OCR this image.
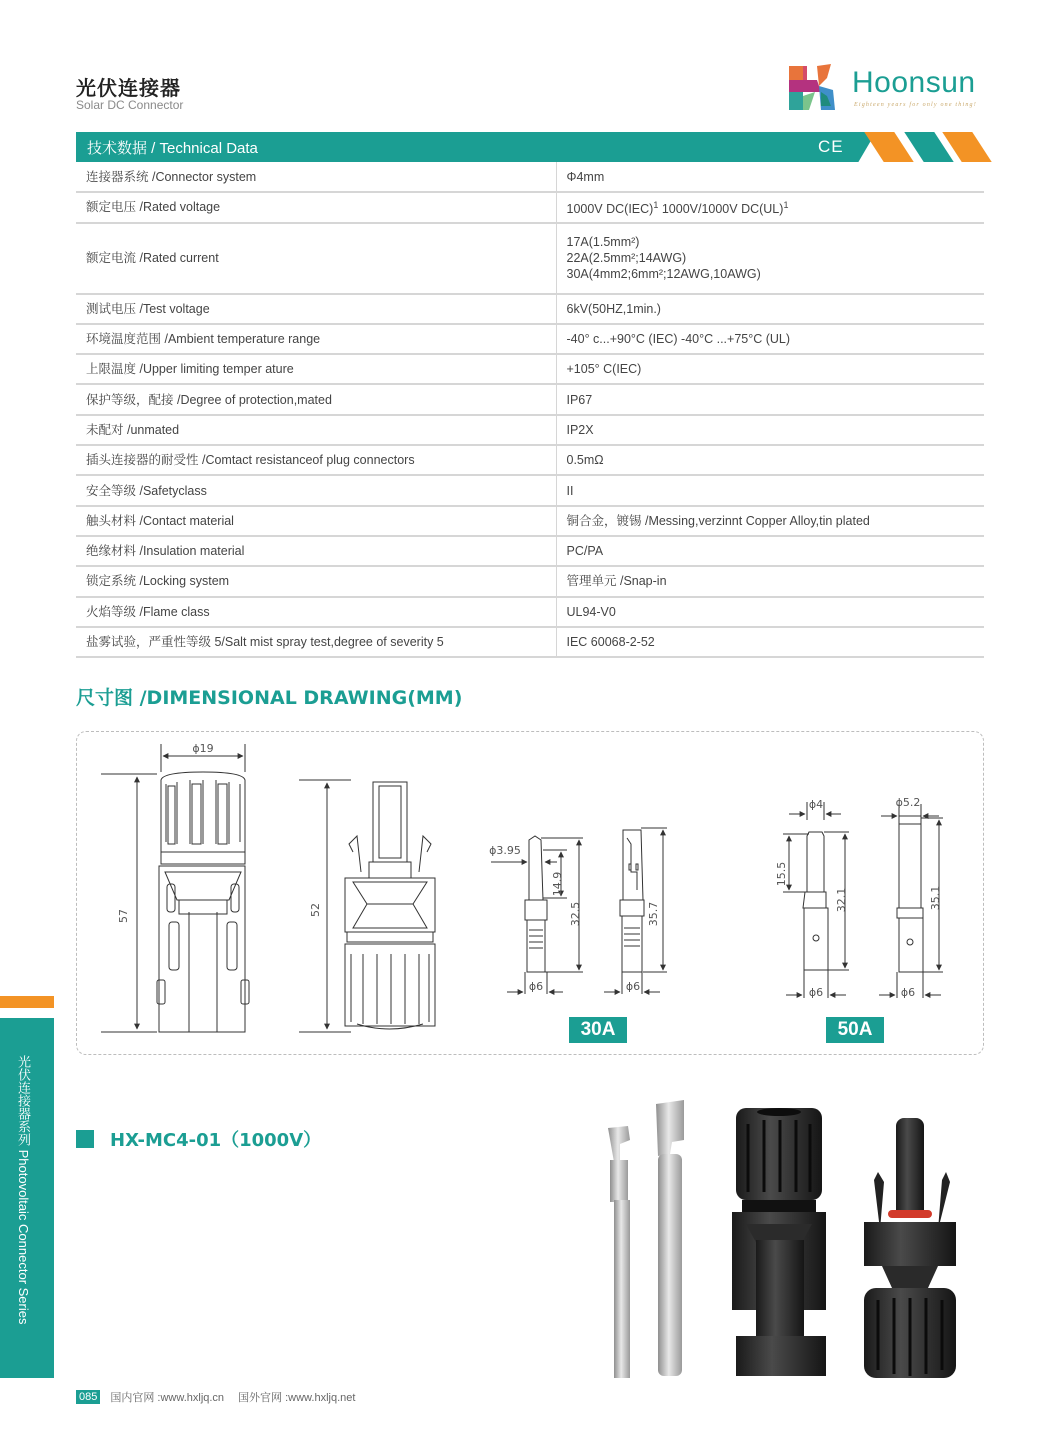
光伏连接器
Solar DC Connector
Hoonsun
Eighteen years for only one thing!
技术数据 / Technical Data	CE
连接器系统 /Connector system	Φ4mm
额定电压 /Rated voltage	1000V DC(IEC)$^1$ 1000V/1000V DC(UL)$^1$
额定电流 /Rated current	17A(1.5mm²)
22A(2.5mm²;14AWG)
30A(4mm2;6mm²;12AWG,10AWG)

测试电压 /Test voltage	6kV(50HZ,1min.)
环境温度范围 /Ambient temperature range	-40° c...+90°C (IEC) -40°C ...+75°C (UL)
上限温度 /Upper limiting temper ature	+105° C(IEC)
保护等级，配接 /Degree of protection,mated	IP67
未配对 /unmated	IP2X
插头连接器的耐受性 /Comtact resistanceof plug connectors	0.5mΩ
安全等级 /Safetyclass	II
触头材料 /Contact material	铜合金，镀锡 /Messing,verzinnt Copper Alloy,tin plated
绝缘材料 /Insulation material	PC/PA
锁定系统 /Locking system	管理单元 /Snap-in
火焰等级 /Flame class	UL94-V0
盐雾试验，严重性等级 5/Salt mist spray test,degree of severity 5	IEC 60068-2-52
尺寸图 /DIMENSIONAL DRAWING(MM)
57
ϕ19
52
ϕ3.95
14.9
32.5
ϕ6
35.7
ϕ6
ϕ4
15.5
32.1
ϕ6
ϕ5.2
35.1
ϕ6
30A	50A
光伏连接器系列 Photovoltaic Connector Series	HX-MC4-01（1000V）
085 国内官网 :www.hxljq.cn 国外官网 :www.hxljq.net
